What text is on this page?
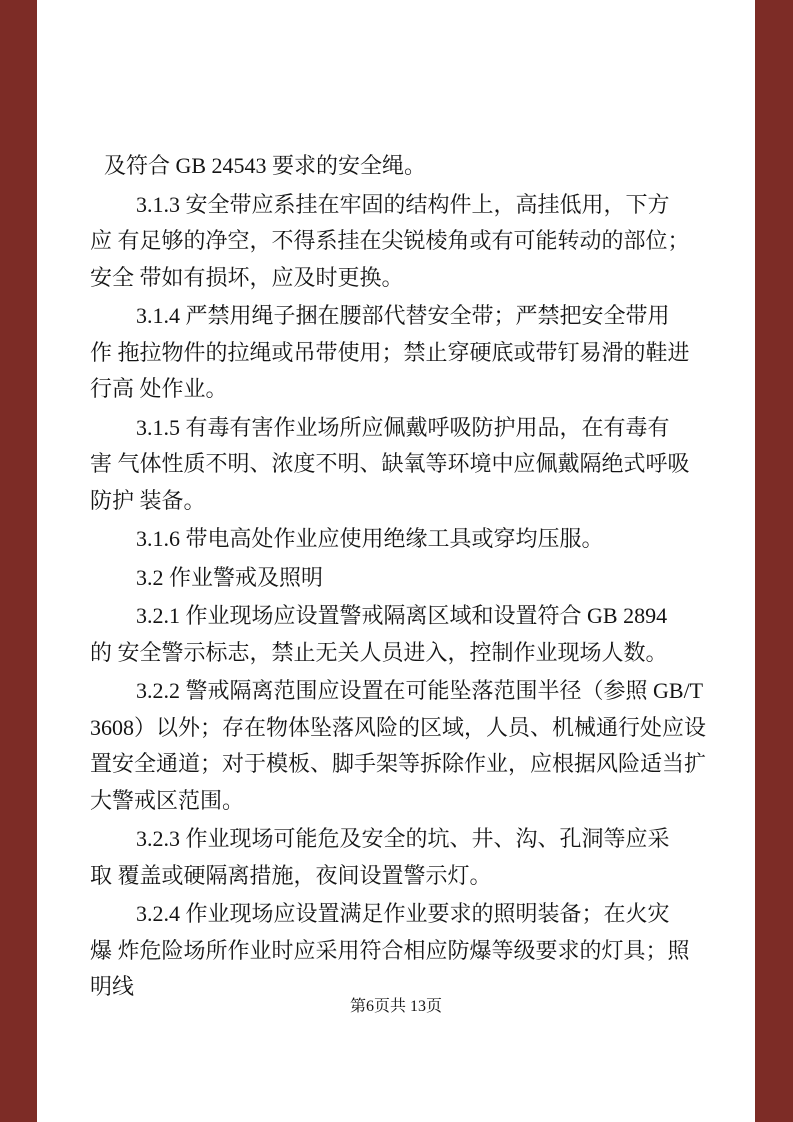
及符合 GB 24543 要求的安全绳。
3.1.3 安全带应系挂在牢固的结构件上，高挂低用，下方
应 有足够的净空，不得系挂在尖锐棱角或有可能转动的部位；
安全 带如有损坏，应及时更换。
3.1.4 严禁用绳子捆在腰部代替安全带；严禁把安全带用
作 拖拉物件的拉绳或吊带使用；禁止穿硬底或带钉易滑的鞋进
行高 处作业。
3.1.5 有毒有害作业场所应佩戴呼吸防护用品，在有毒有
害 气体性质不明、浓度不明、缺氧等环境中应佩戴隔绝式呼吸
防护 装备。
3.1.6 带电高处作业应使用绝缘工具或穿均压服。
3.2 作业警戒及照明
3.2.1 作业现场应设置警戒隔离区域和设置符合 GB 2894
的 安全警示标志，禁止无关人员进入，控制作业现场人数。
3.2.2 警戒隔离范围应设置在可能坠落范围半径（参照 GB/T
3608）以外；存在物体坠落风险的区域，人员、机械通行处应设
置安全通道；对于模板、脚手架等拆除作业，应根据风险适当扩
大警戒区范围。
3.2.3 作业现场可能危及安全的坑、井、沟、孔洞等应采
取 覆盖或硬隔离措施，夜间设置警示灯。
3.2.4 作业现场应设置满足作业要求的照明装备；在火灾
爆 炸危险场所作业时应采用符合相应防爆等级要求的灯具；照
明线
第6页共 13页
